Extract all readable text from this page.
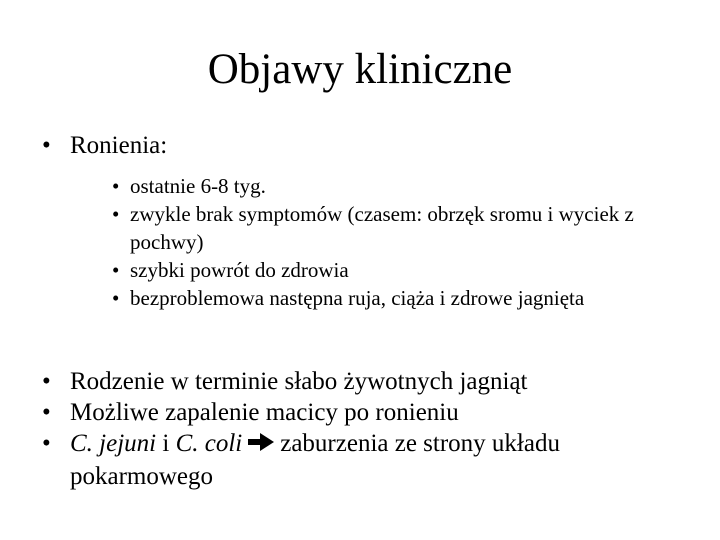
Objawy kliniczne
• Ronienia:
• ostatnie 6-8 tyg.
• zwykle brak symptomów (czasem: obrzęk sromu i wyciek z pochwy)
• szybki powrót do zdrowia
• bezproblemowa następna ruja, ciąża i zdrowe jagnięta
• Rodzenie w terminie słabo żywotnych jagniąt
• Możliwe zapalenie macicy po ronieniu
• C. jejuni i C. coli zaburzenia ze strony układu pokarmowego
